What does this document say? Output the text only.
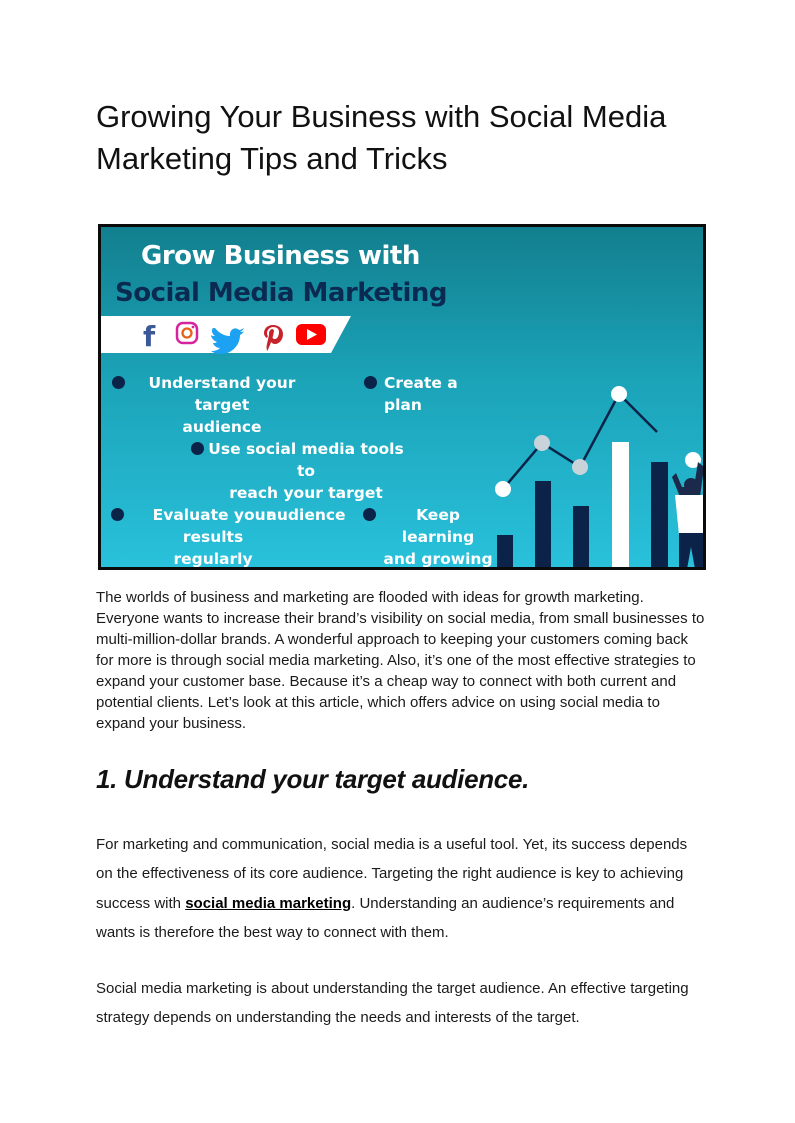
Growing Your Business with Social Media
Marketing Tips and Tricks
f
Grow Business with
Social Media Marketing
Understand your target
audience
Create a plan
Use social media tools to
reach your target audience
Evaluate your results
regularly
Keep learning
and growing

The worlds of business and marketing are flooded with ideas for growth marketing. Everyone wants to increase their brand’s visibility on social media, from small businesses to multi-million-dollar brands. A wonderful approach to keeping your customers coming back for more is through social media marketing. Also, it’s one of the most effective strategies to expand your customer base. Because it’s a cheap way to connect with both current and potential clients. Let’s look at this article, which offers advice on using social media to expand your business.

1. Understand your target audience.

For marketing and communication, social media is a useful tool. Yet, its success depends on the effectiveness of its core audience. Targeting the right audience is key to achieving success with social media marketing. Understanding an audience’s requirements and wants is therefore the best way to connect with them.

Social media marketing is about understanding the target audience. An effective targeting strategy depends on understanding the needs and interests of the target.
